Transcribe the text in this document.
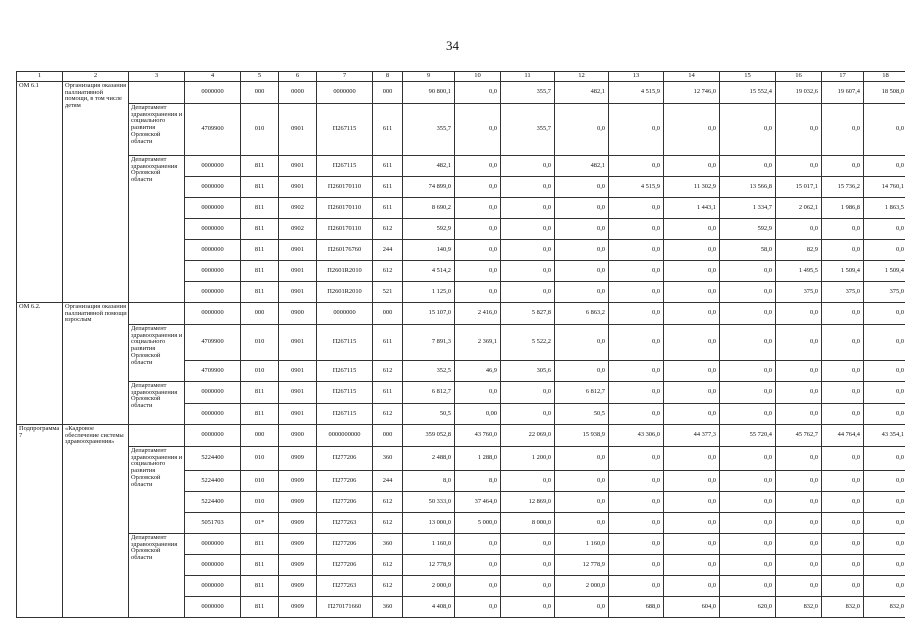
34
1	2	3	4	5	6	7	8	9	10	11	12	13	14	15	16	17	18
ОМ 6.1	Организация оказания паллиативной помощи, в том числе детям		0000000	000	0000	0000000	000	90 800,1	0,0	355,7	482,1	4 515,9	12 746,0	15 552,4	19 032,6	19 607,4	18 508,0
		Департамент здравоохранения и социального развития Орловской области	4709900	010	0901	П267115	611	355,7	0,0	355,7	0,0	0,0	0,0	0,0	0,0	0,0	0,0
		Департамент здравоохранения Орловской области	0000000	811	0901	П267115	611	482,1	0,0	0,0	482,1	0,0	0,0	0,0	0,0	0,0	0,0
			0000000	811	0901	П260170110	611	74 899,0	0,0	0,0	0,0	4 515,9	11 302,9	13 566,8	15 017,1	15 736,2	14 760,1
			0000000	811	0902	П260170110	611	8 690,2	0,0	0,0	0,0	0,0	1 443,1	1 334,7	2 062,1	1 986,8	1 863,5
			0000000	811	0902	П260170110	612	592,9	0,0	0,0	0,0	0,0	0,0	592,9	0,0	0,0	0,0
			0000000	811	0901	П260176760	244	140,9	0,0	0,0	0,0	0,0	0,0	58,0	82,9	0,0	0,0
			0000000	811	0901	П2601R2010	612	4 514,2	0,0	0,0	0,0	0,0	0,0	0,0	1 495,5	1 509,4	1 509,4
			0000000	811	0901	П2601R2010	521	1 125,0	0,0	0,0	0,0	0,0	0,0	0,0	375,0	375,0	375,0
ОМ 6.2.	Организация оказания паллиативной помощи взрослым		0000000	000	0900	0000000	000	15 107,0	2 416,0	5 827,8	6 863,2	0,0	0,0	0,0	0,0	0,0	0,0
		Департамент здравоохранения и социального развития Орловской области	4709900	010	0901	П267115	611	7 891,3	2 369,1	5 522,2	0,0	0,0	0,0	0,0	0,0	0,0	0,0
			4709900	010	0901	П267115	612	352,5	46,9	305,6	0,0	0,0	0,0	0,0	0,0	0,0	0,0
		Департамент здравоохранения Орловской области	0000000	811	0901	П267115	611	6 812,7	0,0	0,0	6 812,7	0,0	0,0	0,0	0,0	0,0	0,0
			0000000	811	0901	П267115	612	50,5	0,00	0,0	50,5	0,0	0,0	0,0	0,0	0,0	0,0
Подпрограмма 7	«Кадровое обеспечение системы здравоохранения»		0000000	000	0900	0000000000	000	359 052,8	43 760,0	22 069,0	15 938,9	43 306,0	44 377,3	55 720,4	45 762,7	44 764,4	43 354,1
		Департамент здравоохранения и социального развития Орловской области	5224400	010	0909	П277206	360	2 488,0	1 288,0	1 200,0	0,0	0,0	0,0	0,0	0,0	0,0	0,0
			5224400	010	0909	П277206	244	8,0	8,0	0,0	0,0	0,0	0,0	0,0	0,0	0,0	0,0
			5224400	010	0909	П277206	612	50 333,0	37 464,0	12 869,0	0,0	0,0	0,0	0,0	0,0	0,0	0,0
			5051703	01*	0909	П277263	612	13 000,0	5 000,0	8 000,0	0,0	0,0	0,0	0,0	0,0	0,0	0,0
		Департамент здравоохранения Орловской области	0000000	811	0909	П277206	360	1 160,0	0,0	0,0	1 160,0	0,0	0,0	0,0	0,0	0,0	0,0
			0000000	811	0909	П277206	612	12 778,9	0,0	0,0	12 778,9	0,0	0,0	0,0	0,0	0,0	0,0
			0000000	811	0909	П277263	612	2 000,0	0,0	0,0	2 000,0	0,0	0,0	0,0	0,0	0,0	0,0
			0000000	811	0909	П270171660	360	4 408,0	0,0	0,0	0,0	688,0	604,0	620,0	832,0	832,0	832,0
